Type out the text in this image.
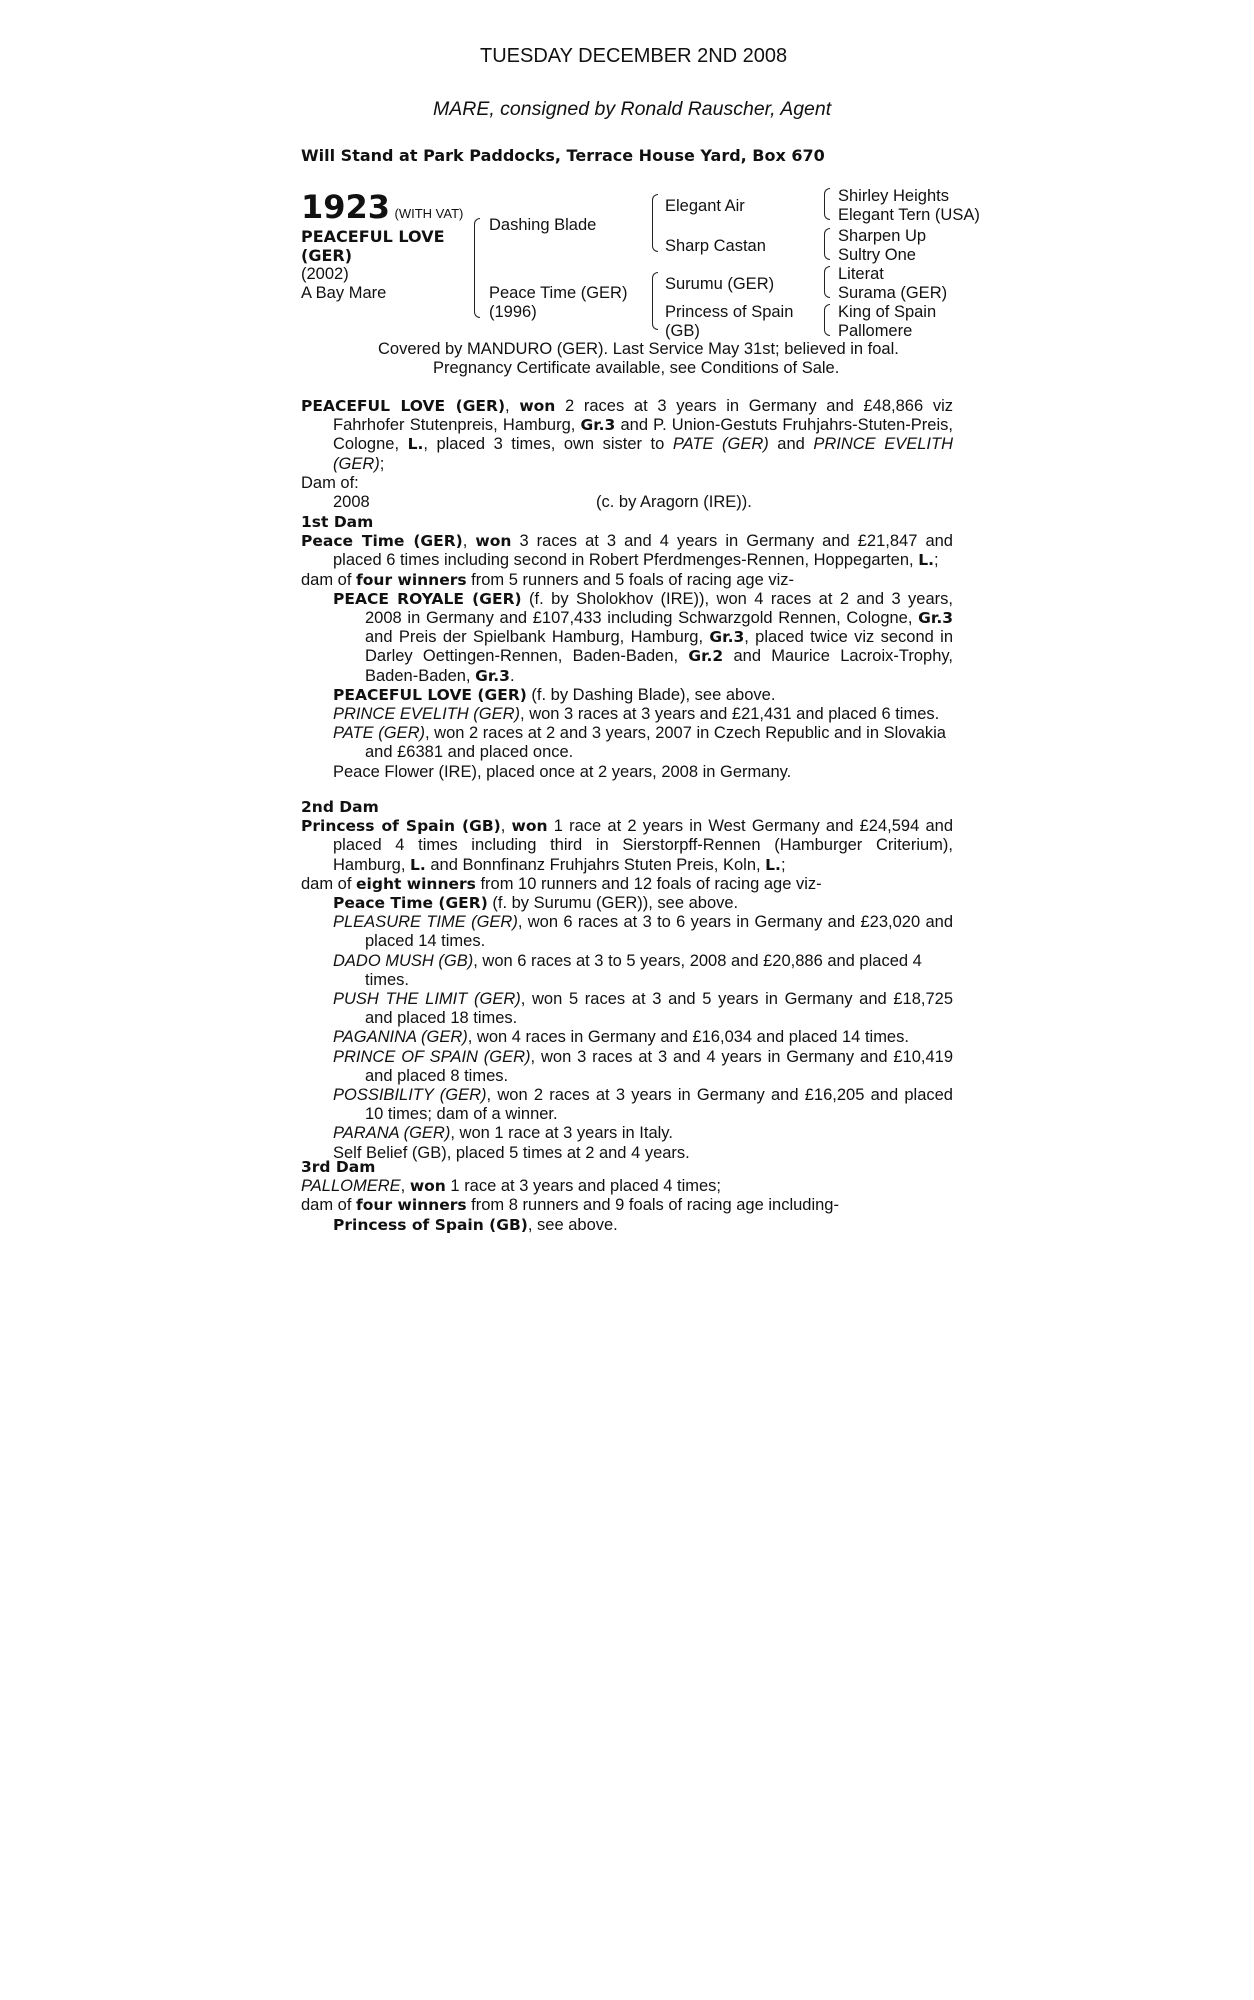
TUESDAY DECEMBER 2ND 2008
MARE, consigned by Ronald Rauscher, Agent
Will Stand at Park Paddocks, Terrace House Yard, Box 670
1923 (WITH VAT)
PEACEFUL LOVE
(GER)
(2002)
A Bay Mare
Dashing Blade
Peace Time (GER)
(1996)
Elegant Air
Sharp Castan
Surumu (GER)
Princess of Spain
(GB)
Shirley Heights
Elegant Tern (USA)
Sharpen Up
Sultry One
Literat
Surama (GER)
King of Spain
Pallomere
Covered by MANDURO (GER). Last Service May 31st; believed in foal.
Pregnancy Certificate available, see Conditions of Sale.

PEACEFUL LOVE (GER), won 2 races at 3 years in Germany and £48,866 viz Fahrhofer Stutenpreis, Hamburg, Gr.3 and P. Union-Gestuts Fruhjahrs-Stuten-Preis, Cologne, L., placed 3 times, own sister to PATE (GER) and PRINCE EVELITH (GER);

Dam of:

2008	(c. by Aragorn (IRE)).

1st Dam

Peace Time (GER), won 3 races at 3 and 4 years in Germany and £21,847 and placed 6 times including second in Robert Pferdmenges-Rennen, Hoppegarten, L.;

dam of four winners from 5 runners and 5 foals of racing age viz-

PEACE ROYALE (GER) (f. by Sholokhov (IRE)), won 4 races at 2 and 3 years, 2008 in Germany and £107,433 including Schwarzgold Rennen, Cologne, Gr.3 and Preis der Spielbank Hamburg, Hamburg, Gr.3, placed twice viz second in Darley Oettingen-Rennen, Baden-Baden, Gr.2 and Maurice Lacroix-Trophy, Baden-Baden, Gr.3.

PEACEFUL LOVE (GER) (f. by Dashing Blade), see above.

PRINCE EVELITH (GER), won 3 races at 3 years and £21,431 and placed 6 times.

PATE (GER), won 2 races at 2 and 3 years, 2007 in Czech Republic and in Slovakia and £6381 and placed once.

Peace Flower (IRE), placed once at 2 years, 2008 in Germany.

2nd Dam

Princess of Spain (GB), won 1 race at 2 years in West Germany and £24,594 and placed 4 times including third in Sierstorpff-Rennen (Hamburger Criterium), Hamburg, L. and Bonnfinanz Fruhjahrs Stuten Preis, Koln, L.;

dam of eight winners from 10 runners and 12 foals of racing age viz-

Peace Time (GER) (f. by Surumu (GER)), see above.

PLEASURE TIME (GER), won 6 races at 3 to 6 years in Germany and £23,020 and placed 14 times.

DADO MUSH (GB), won 6 races at 3 to 5 years, 2008 and £20,886 and placed 4 times.

PUSH THE LIMIT (GER), won 5 races at 3 and 5 years in Germany and £18,725 and placed 18 times.

PAGANINA (GER), won 4 races in Germany and £16,034 and placed 14 times.

PRINCE OF SPAIN (GER), won 3 races at 3 and 4 years in Germany and £10,419 and placed 8 times.

POSSIBILITY (GER), won 2 races at 3 years in Germany and £16,205 and placed 10 times; dam of a winner.

PARANA (GER), won 1 race at 3 years in Italy.

Self Belief (GB), placed 5 times at 2 and 4 years.

3rd Dam

PALLOMERE, won 1 race at 3 years and placed 4 times;

dam of four winners from 8 runners and 9 foals of racing age including-

Princess of Spain (GB), see above.
